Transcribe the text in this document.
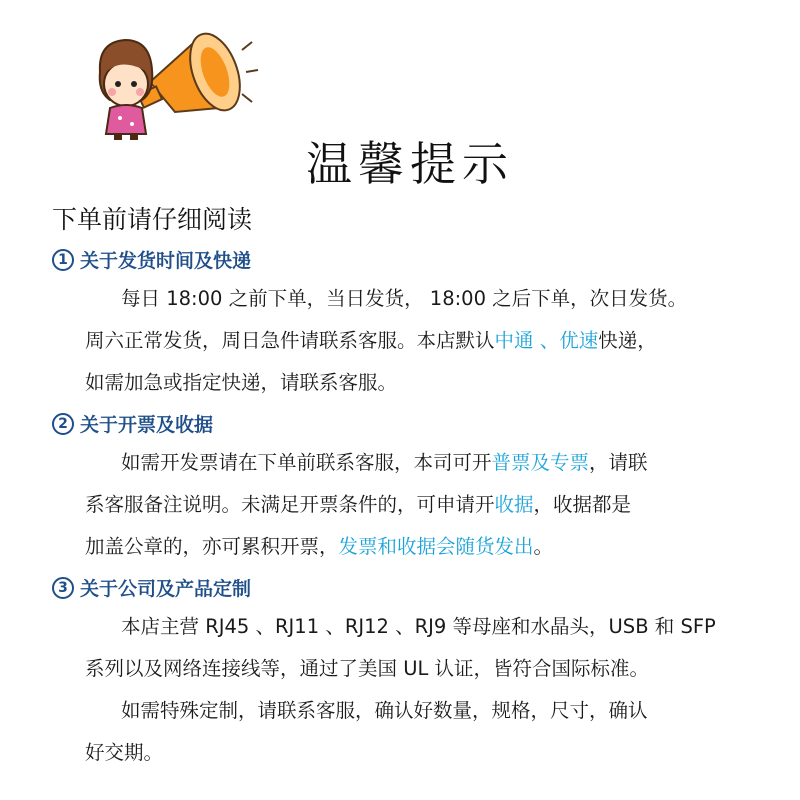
温馨提示
下单前请仔细阅读
1 关于发货时间及快递
每日 18:00 之前下单，当日发货， 18:00 之后下单，次日发货。
周六正常发货，周日急件请联系客服。本店默认中通 、优速快递，
如需加急或指定快递，请联系客服。
2 关于开票及收据
如需开发票请在下单前联系客服，本司可开普票及专票，请联
系客服备注说明。未满足开票条件的，可申请开收据，收据都是
加盖公章的，亦可累积开票，发票和收据会随货发出。
3 关于公司及产品定制
本店主营 RJ45 、RJ11 、RJ12 、RJ9 等母座和水晶头，USB 和 SFP
系列以及网络连接线等，通过了美国 UL 认证，皆符合国际标准。
如需特殊定制，请联系客服，确认好数量，规格，尺寸，确认
好交期。
